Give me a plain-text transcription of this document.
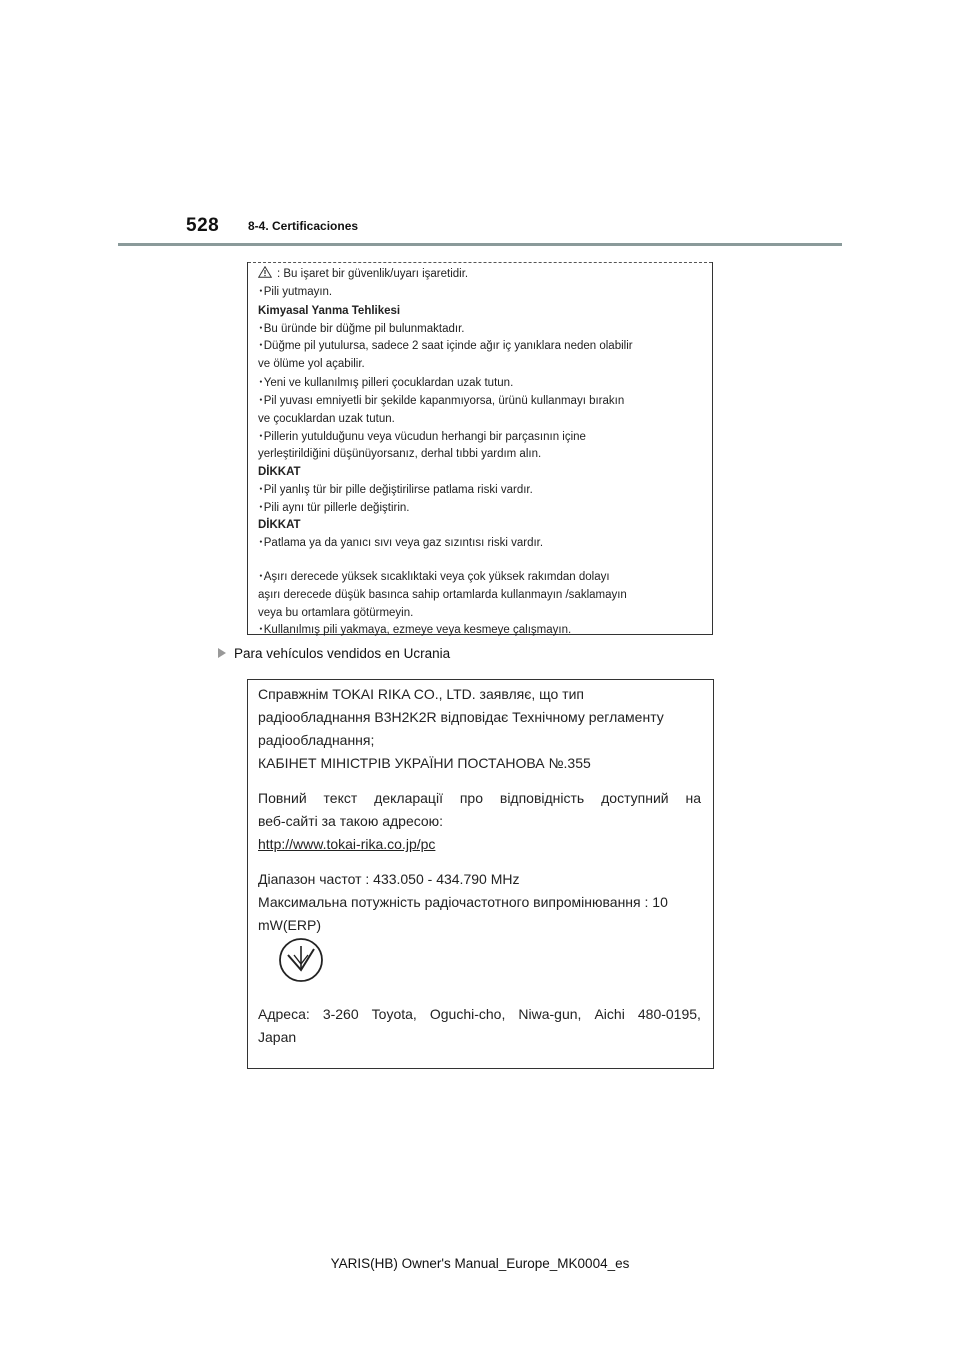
528 8-4. Certificaciones
: Bu işaret bir güvenlik/uyarı işaretidir.
･Pili yutmayın.
Kimyasal Yanma Tehlikesi
･Bu üründe bir düğme pil bulunmaktadır.
･Düğme pil yutulursa, sadece 2 saat içinde ağır iç yanıklara neden olabilir
ve ölüme yol açabilir.
･Yeni ve kullanılmış pilleri çocuklardan uzak tutun.
･Pil yuvası emniyetli bir şekilde kapanmıyorsa, ürünü kullanmayı bırakın
ve çocuklardan uzak tutun.
･Pillerin yutulduğunu veya vücudun herhangi bir parçasının içine
yerleştirildiğini düşünüyorsanız, derhal tıbbi yardım alın.
DİKKAT
･Pil yanlış tür bir pille değiştirilirse patlama riski vardır.
･Pili aynı tür pillerle değiştirin.
DİKKAT
･Patlama ya da yanıcı sıvı veya gaz sızıntısı riski vardır.
･Aşırı derecede yüksek sıcaklıktaki veya çok yüksek rakımdan dolayı
aşırı derecede düşük basınca sahip ortamlarda kullanmayın /saklamayın
veya bu ortamlara götürmeyin.
･Kullanılmış pili yakmaya, ezmeye veya kesmeye çalışmayın.
Para vehículos vendidos en Ucrania
Справжнім TOKAI RIKA CO., LTD. заявляє, що тип
радіообладнання B3H2K2R відповідає Технічному регламенту
радіообладнання;
КАБІНЕТ МІНІСТРІВ УКРАЇНИ ПОСТАНОВА №.355
Повний текст декларації про відповідність доступний на
веб-сайті за такою адресою:
http://www.tokai-rika.co.jp/pc
Діапазон частот : 433.050 - 434.790 MHz
Максимальна потужність радіочастотного випромінювання : 10
mW(ERP)
Адреса: 3-260 Toyota, Oguchi-cho, Niwa-gun, Aichi 480-0195,
Japan
YARIS(HB) Owner's Manual_Europe_MK0004_es
